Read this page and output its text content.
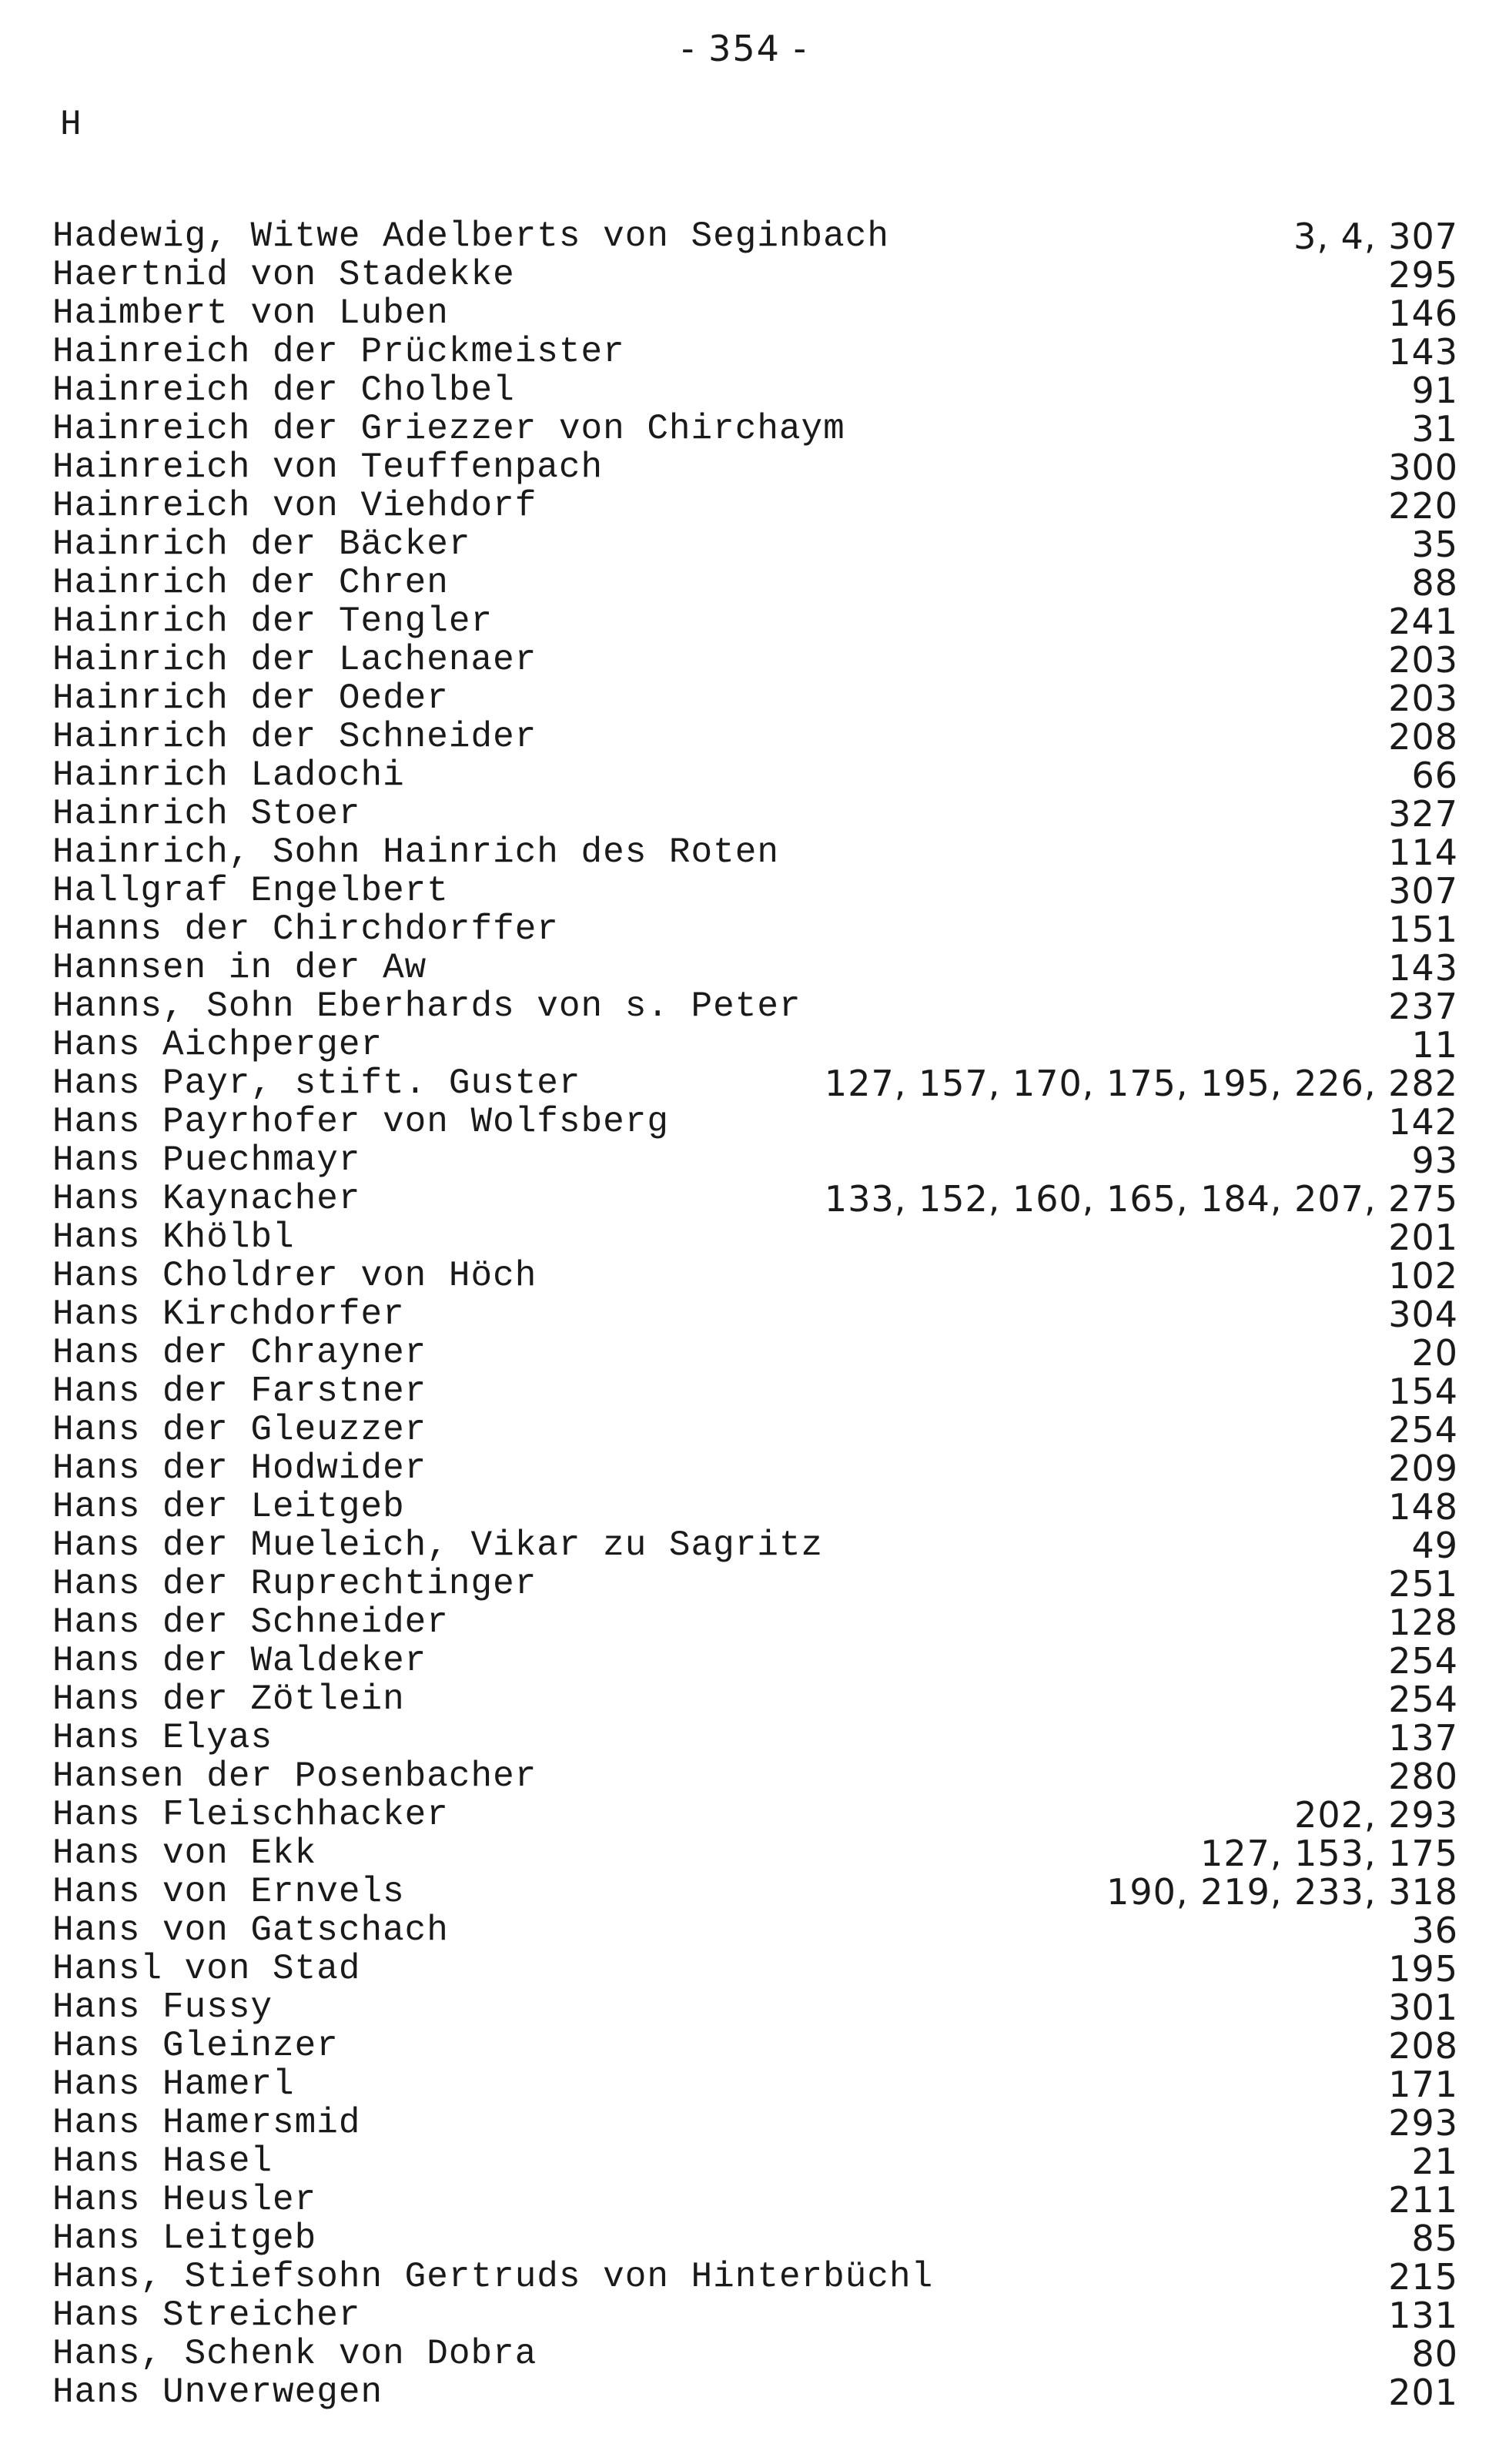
- 354 -
H
Hadewig, Witwe Adelberts von Seginbach	3, 4, 307
Haertnid von Stadekke	295
Haimbert von Luben	146
Hainreich der Prückmeister	143
Hainreich der Cholbel	91
Hainreich der Griezzer von Chirchaym	31
Hainreich von Teuffenpach	300
Hainreich von Viehdorf	220
Hainrich der Bäcker	35
Hainrich der Chren	88
Hainrich der Tengler	241
Hainrich der Lachenaer	203
Hainrich der Oeder	203
Hainrich der Schneider	208
Hainrich Ladochi	66
Hainrich Stoer	327
Hainrich, Sohn Hainrich des Roten	114
Hallgraf Engelbert	307
Hanns der Chirchdorffer	151
Hannsen in der Aw	143
Hanns, Sohn Eberhards von s. Peter	237
Hans Aichperger	11
Hans Payr, stift. Guster	127, 157, 170, 175, 195, 226, 282
Hans Payrhofer von Wolfsberg	142
Hans Puechmayr	93
Hans Kaynacher	133, 152, 160, 165, 184, 207, 275
Hans Khölbl	201
Hans Choldrer von Höch	102
Hans Kirchdorfer	304
Hans der Chrayner	20
Hans der Farstner	154
Hans der Gleuzzer	254
Hans der Hodwider	209
Hans der Leitgeb	148
Hans der Mueleich, Vikar zu Sagritz	49
Hans der Ruprechtinger	251
Hans der Schneider	128
Hans der Waldeker	254
Hans der Zötlein	254
Hans Elyas	137
Hansen der Posenbacher	280
Hans Fleischhacker	202, 293
Hans von Ekk	127, 153, 175
Hans von Ernvels	190, 219, 233, 318
Hans von Gatschach	36
Hansl von Stad	195
Hans Fussy	301
Hans Gleinzer	208
Hans Hamerl	171
Hans Hamersmid	293
Hans Hasel	21
Hans Heusler	211
Hans Leitgeb	85
Hans, Stiefsohn Gertruds von Hinterbüchl	215
Hans Streicher	131
Hans, Schenk von Dobra	80
Hans Unverwegen	201
